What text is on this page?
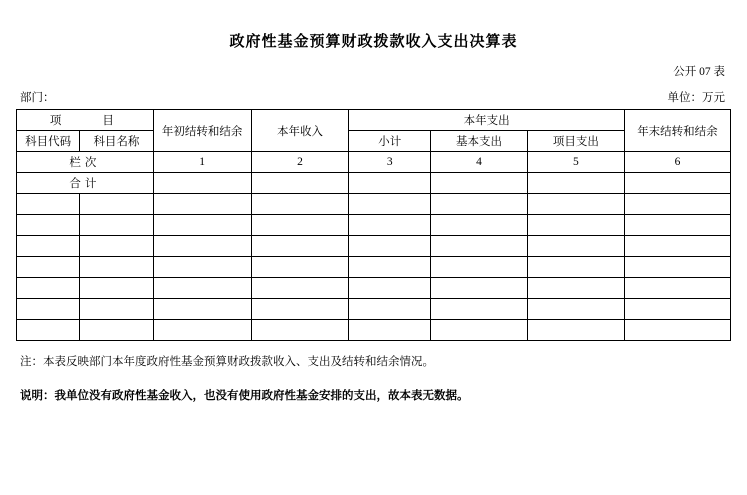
政府性基金预算财政拨款收入支出决算表
公开 07 表
部门：	单位：万元
项　　目		年初结转和结余	本年收入	本年支出			年末结转和结余
科目代码	科目名称			小计	基本支出	项目支出	
栏次		1	2	3	4	5	6
合计							

注：本表反映部门本年度政府性基金预算财政拨款收入、支出及结转和结余情况。
说明：我单位没有政府性基金收入，也没有使用政府性基金安排的支出，故本表无数据。
